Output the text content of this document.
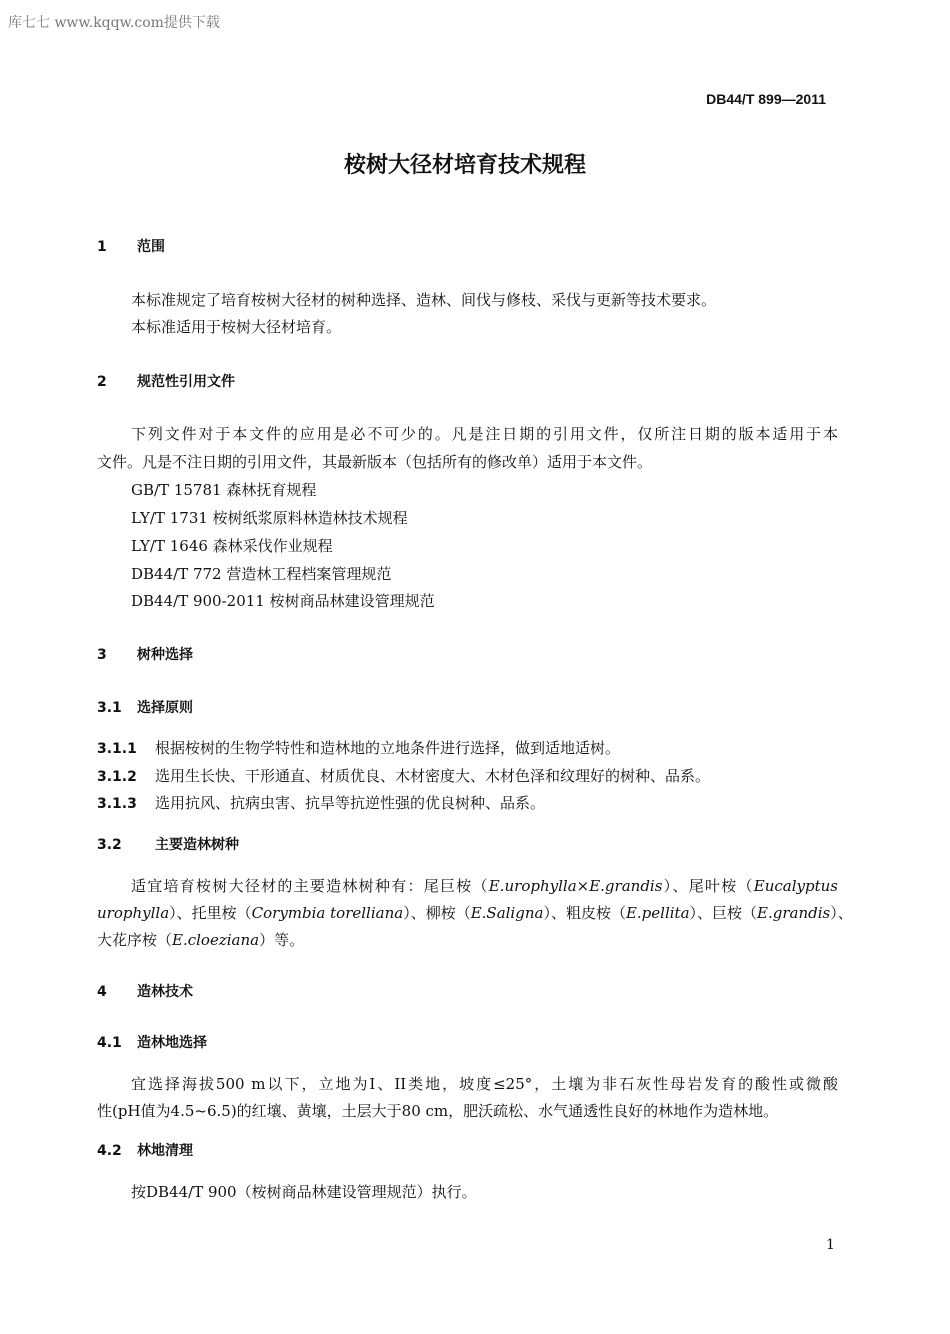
库七七 www.kqqw.com提供下载
DB44/T 899—2011
桉树大径材培育技术规程
1 范围
本标准规定了培育桉树大径材的树种选择、造林、间伐与修枝、采伐与更新等技术要求。
本标准适用于桉树大径材培育。
2 规范性引用文件
下列文件对于本文件的应用是必不可少的。凡是注日期的引用文件，仅所注日期的版本适用于本
文件。凡是不注日期的引用文件，其最新版本（包括所有的修改单）适用于本文件。
GB/T 15781 森林抚育规程
LY/T 1731 桉树纸浆原料林造林技术规程
LY/T 1646 森林采伐作业规程
DB44/T 772 营造林工程档案管理规范
DB44/T 900-2011 桉树商品林建设管理规范
3 树种选择
3.1 选择原则
3.1.1 根据桉树的生物学特性和造林地的立地条件进行选择，做到适地适树。
3.1.2 选用生长快、干形通直、材质优良、木材密度大、木材色泽和纹理好的树种、品系。
3.1.3 选用抗风、抗病虫害、抗旱等抗逆性强的优良树种、品系。
3.2 主要造林树种
适宜培育桉树大径材的主要造林树种有：尾巨桉（E.urophylla×E.grandis）、尾叶桉（Eucalyptus
urophylla）、托里桉（Corymbia torelliana）、柳桉（E.Saligna）、粗皮桉（E.pellita）、巨桉（E.grandis）、
大花序桉（E.cloeziana）等。
4 造林技术
4.1 造林地选择
宜选择海拔500 m以下，立地为I、II类地，坡度≤25°，土壤为非石灰性母岩发育的酸性或微酸
性(pH值为4.5~6.5)的红壤、黄壤，土层大于80 cm，肥沃疏松、水气通透性良好的林地作为造林地。
4.2 林地清理
按DB44/T 900（桉树商品林建设管理规范）执行。
1
